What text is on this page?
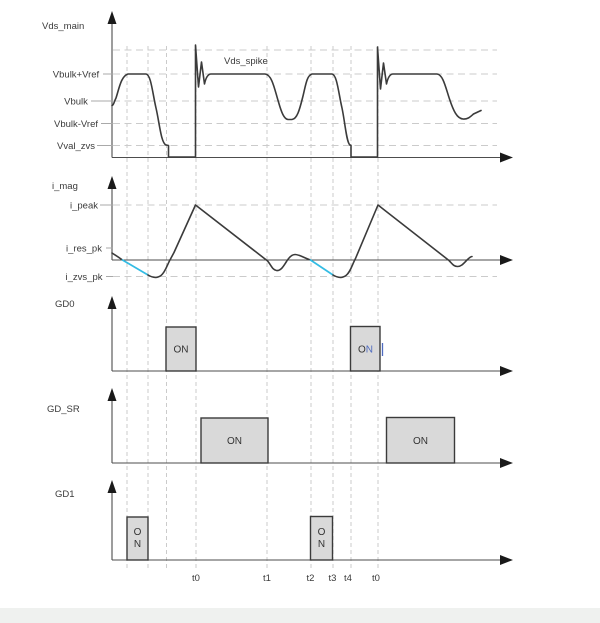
Vds_main
Vbulk+Vref
Vbulk
Vbulk-Vref
Vval_zvs
Vds_spike
i_mag
i_peak
i_res_pk
i_zvs_pk
ON	ON
GD0
ON	ON
GD_SR
O
N
O
N
GD1
t0	t1	t2 t3 t4 t0
